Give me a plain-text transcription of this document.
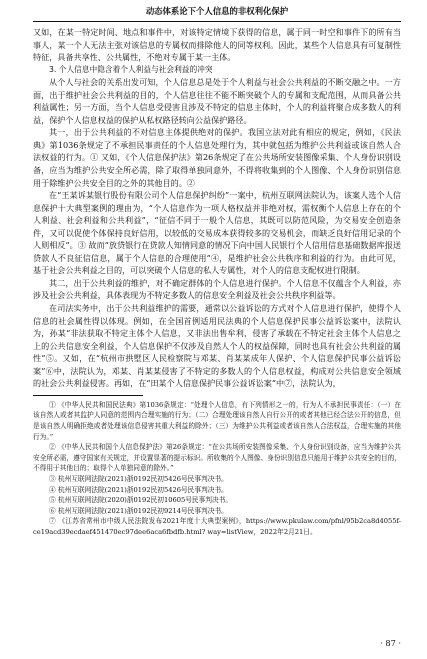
动态体系论下个人信息的非权利化保护

又如，在某一特定时间、地点和事件中，对该特定情境下获得的信息，属于同一时空和事件下的所有当事人，某一个人无法主张对该信息的专属权而排除他人的同等权利。因此，某些个人信息具有可复制性特征，具备共享性、公共属性，不绝对专属于某一主体。

3. 个人信息中隐含着个人利益与社会利益的冲突

从个人与社会的关系出发可知，个人信息总是处于个人利益与社会公共利益的不断交融之中。一方面，出于维护社会公共利益的目的，个人信息往往不能不断突破个人的专属和支配范围，从而具备公共利益属性；另一方面，当个人信息受侵害且涉及不特定的信息主体时，个人的利益将聚合成多数人的利益，保护个人信息权益的保护从私权路径转向公益保护路径。

其一，出于公共利益的不对信息主体提供绝对的保护。我国立法对此有相应的规定，例如，《民法典》第1036条规定了不承担民事责任的个人信息处理行为，其中就包括为维护公共利益或该自然人合法权益的行为。① 又如，《个人信息保护法》第26条规定了在公共场所安装图像采集、个人身份识别设备，应当为维护公共安全所必需，除了取得单独同意外，不得将收集到的个人图像、个人身份识别信息用于除维护公共安全目的之外的其他目的。②

在“王某诉某银行股份有限公司个人信息保护纠纷”一案中，杭州互联网法院认为，该案人选个人信息保护十大典型案例的理由为，“个人信息作为一项人格权益并非绝对权，需权衡个人信息上存在的个人利益、社会利益和公共利益”，“征信不同于一般个人信息，其既可以防范风险，为交易安全创造条件，又可以促使个体保持良好信用，以较低的交易成本获得较多的交易机会，而缺乏良好信用记录的个人则相反”。③ 故而“放贷银行在贷款人知情同意的情况下向中国人民银行个人信用信息基础数据库报送贷款人不良征信信息，属于个人信息的合理使用”④，是维护社会公共秩序和利益的行为。由此可见，基于社会公共利益之目的，可以突破个人信息的私人专属性，对个人的信息支配权进行限制。

其二，出于公共利益的维护，对不确定群体的个人信息进行保护。个人信息不仅蕴含个人利益，亦涉及社会公共利益，具体表现为不特定多数人的信息安全利益及社会公共秩序利益等。

在司法实务中，出于公共利益维护的需要，通常以公益诉讼的方式对个人信息进行保护，使得个人信息的社会属性得以体现。例如，在全国首例适用民法典的个人信息保护民事公益诉讼案中，法院认为，孙某“非法获取不特定主体个人信息，又非法出售牟利，侵害了承载在不特定社会主体个人信息之上的公共信息安全利益，个人信息保护不仅涉及自然人个人的权益保障，同时也具有社会公共利益的属性”⑤。又如，在“杭州市拱墅区人民检察院与邓某、肖某某成年人保护、个人信息保护民事公益诉讼案”⑥中，法院认为，邓某、肖某某侵害了不特定的多数人的个人信息权益，构成对公共信息安全领域的社会公共利益侵害。再如，在“田某个人信息保护民事公益诉讼案”中⑦，法院认为，

① 《中华人民共和国民法典》第1036条规定：“处理个人信息，有下列情形之一的，行为人不承担民事责任：（一）在该自然人或者其监护人同意的范围内合理实施的行为；（二）合理处理该自然人自行公开的或者其他已经合法公开的信息，但是该自然人明确拒绝或者处理该信息侵害其重大利益的除外；（三）为维护公共利益或者该自然人合法权益，合理实施的其他行为。”

② 《中华人民共和国个人信息保护法》第26条规定：“在公共场所安装图像采集、个人身份识别设备，应当为维护公共安全所必需，遵守国家有关规定，并设置显著的提示标识。所收集的个人图像、身份识别信息只能用于维护公共安全的目的，不得用于其他目的；取得个人单独同意的除外。”

③ 杭州互联网法院(2021)浙0192民初5426号民事判决书。

④ 杭州互联网法院(2021)浙0192民初5426号民事判决书。

⑤ 杭州互联网法院(2020)浙0192民初10605号民事判决书。

⑥ 杭州互联网法院(2021)浙0192民初9214号民事判决书。

⑦ 《江苏省常州市中级人民法院发布2021年度十大典型案例》，https://www.pkulaw.com/pfnl/95b2ca8d4055f-ce19acd39ecdaef451470ec97dee6aca6fbdfb.html? way=listView，2022年2月21日。

· 87 ·
